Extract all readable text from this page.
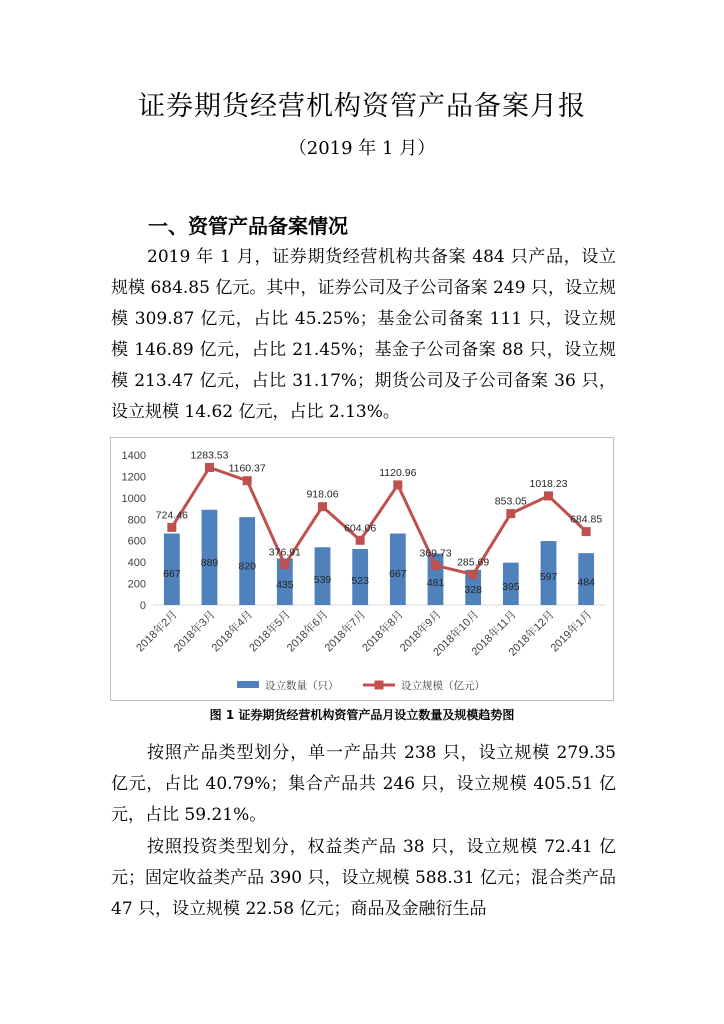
证券期货经营机构资管产品备案月报
（2019 年 1 月）
一、资管产品备案情况
2019 年 1 月，证券期货经营机构共备案 484 只产品，设立规模 684.85 亿元。其中，证券公司及子公司备案 249 只，设立规模 309.87 亿元，占比 45.25%；基金公司备案 111 只，设立规模 146.89 亿元，占比 21.45%；基金子公司备案 88 只，设立规模 213.47 亿元，占比 31.17%；期货公司及子公司备案 36 只，设立规模 14.62 亿元，占比 2.13%。
0
200
400
600
800
1000
1200
1400
667
889 820
435 539 523
667
481
328 395
597 484
724.46
1283.53
1160.37
376.91
918.06
604.06
1120.96
369.73
285.69
853.05
1018.23
684.85
2018年2月
2018年3月
2018年4月
2018年5月
2018年6月
2018年7月
2018年8月
2018年9月
2018年10月
2018年11月
2018年12月
2019年1月
设立数量（只）	设立规模（亿元）
图 1 证券期货经营机构资管产品月设立数量及规模趋势图
按照产品类型划分，单一产品共 238 只，设立规模 279.35 亿元，占比 40.79%；集合产品共 246 只，设立规模 405.51 亿元，占比 59.21%。
按照投资类型划分，权益类产品 38 只，设立规模 72.41 亿元；固定收益类产品 390 只，设立规模 588.31 亿元；混合类产品 47 只，设立规模 22.58 亿元；商品及金融衍生品
